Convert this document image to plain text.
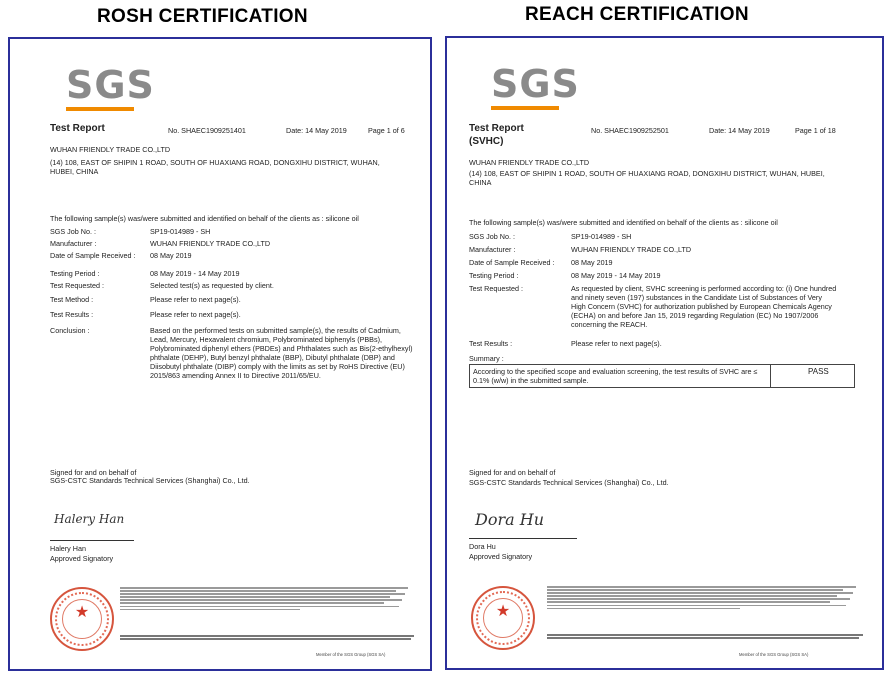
ROSH CERTIFICATION	REACH CERTIFICATION
SGS
Test Report	No. SHAEC1909251401	Date: 14 May 2019	Page 1 of 6
WUHAN FRIENDLY TRADE CO.,LTD
(14) 108, EAST OF SHIPIN 1 ROAD, SOUTH OF HUAXIANG ROAD, DONGXIHU DISTRICT, WUHAN, HUBEI, CHINA
The following sample(s) was/were submitted and identified on behalf of the clients as : silicone oil
SGS Job No. :	SP19-014989 - SH
Manufacturer :	WUHAN FRIENDLY TRADE CO.,LTD
Date of Sample Received : 08 May 2019
Testing Period :	08 May 2019 - 14 May 2019
Test Requested :	Selected test(s) as requested by client.
Test Method :	Please refer to next page(s).
Test Results :	Please refer to next page(s).
Conclusion :	Based on the performed tests on submitted sample(s), the results of Cadmium, Lead, Mercury, Hexavalent chromium, Polybrominated biphenyls (PBBs), Polybrominated diphenyl ethers (PBDEs) and Phthalates such as Bis(2-ethylhexyl) phthalate (DEHP), Butyl benzyl phthalate (BBP), Dibutyl phthalate (DBP) and Diisobutyl phthalate (DIBP) comply with the limits as set by RoHS Directive (EU) 2015/863 amending Annex II to Directive 2011/65/EU.
Signed for and on behalf of
SGS-CSTC Standards Technical Services (Shanghai) Co., Ltd.
Halery Han
Halery Han
Approved Signatory
★
Member of the SGS Group (SGS SA)
SGS
Test Report
(SVHC)
No. SHAEC1909252501	Date: 14 May 2019	Page 1 of 18
WUHAN FRIENDLY TRADE CO.,LTD
(14) 108, EAST OF SHIPIN 1 ROAD, SOUTH OF HUAXIANG ROAD, DONGXIHU DISTRICT, WUHAN, HUBEI, CHINA
The following sample(s) was/were submitted and identified on behalf of the clients as : silicone oil
SGS Job No. :	SP19-014989 - SH
Manufacturer :	WUHAN FRIENDLY TRADE CO.,LTD
Date of Sample Received : 08 May 2019
Testing Period :	08 May 2019 - 14 May 2019
Test Requested :	As requested by client, SVHC screening is performed according to: (i) One hundred and ninety seven (197) substances in the Candidate List of Substances of Very High Concern (SVHC) for authorization published by European Chemicals Agency (ECHA) on and before Jan 15, 2019 regarding Regulation (EC) No 1907/2006 concerning the REACH.
Test Results :	Please refer to next page(s).
Summary :
According to the specified scope and evaluation screening, the test results of SVHC are ≤ 0.1% (w/w) in the submitted sample.
PASS
Signed for and on behalf of
SGS-CSTC Standards Technical Services (Shanghai) Co., Ltd.
Dora Hu
Dora Hu
Approved Signatory
★
Member of the SGS Group (SGS SA)
